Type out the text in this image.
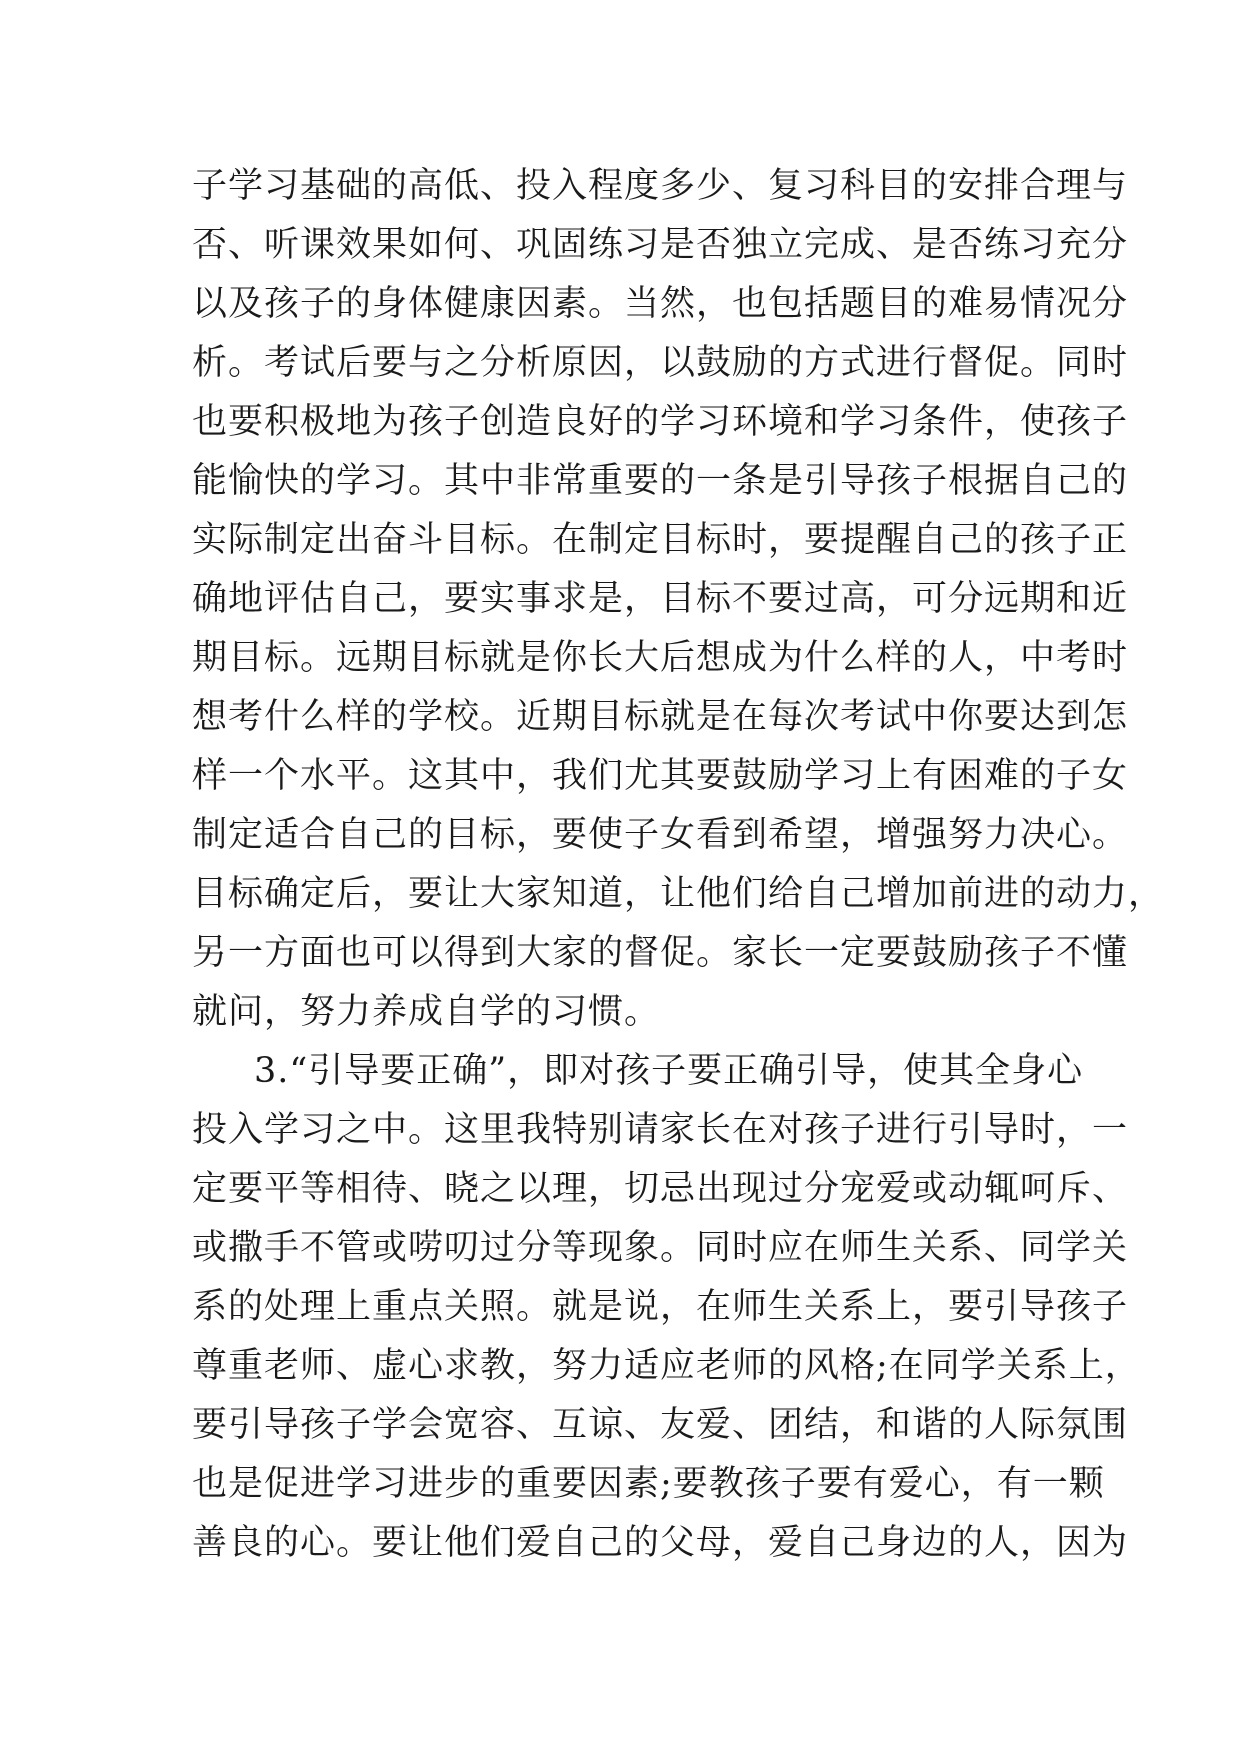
子学习基础的高低、投入程度多少、复习科目的安排合理与
否、听课效果如何、巩固练习是否独立完成、是否练习充分
以及孩子的身体健康因素。当然，也包括题目的难易情况分
析。考试后要与之分析原因，以鼓励的方式进行督促。同时
也要积极地为孩子创造良好的学习环境和学习条件，使孩子
能愉快的学习。其中非常重要的一条是引导孩子根据自己的
实际制定出奋斗目标。在制定目标时，要提醒自己的孩子正
确地评估自己，要实事求是，目标不要过高，可分远期和近
期目标。远期目标就是你长大后想成为什么样的人，中考时
想考什么样的学校。近期目标就是在每次考试中你要达到怎
样一个水平。这其中，我们尤其要鼓励学习上有困难的子女
制定适合自己的目标，要使子女看到希望，增强努力决心。
目标确定后，要让大家知道，让他们给自己增加前进的动力，
另一方面也可以得到大家的督促。家长一定要鼓励孩子不懂
就问，努力养成自学的习惯。
3.“引导要正确”，即对孩子要正确引导，使其全身心
投入学习之中。这里我特别请家长在对孩子进行引导时，一
定要平等相待、晓之以理，切忌出现过分宠爱或动辄呵斥、
或撒手不管或唠叨过分等现象。同时应在师生关系、同学关
系的处理上重点关照。就是说，在师生关系上，要引导孩子
尊重老师、虚心求教，努力适应老师的风格;在同学关系上，
要引导孩子学会宽容、互谅、友爱、团结，和谐的人际氛围
也是促进学习进步的重要因素;要教孩子要有爱心，有一颗
善良的心。要让他们爱自己的父母，爱自己身边的人，因为
